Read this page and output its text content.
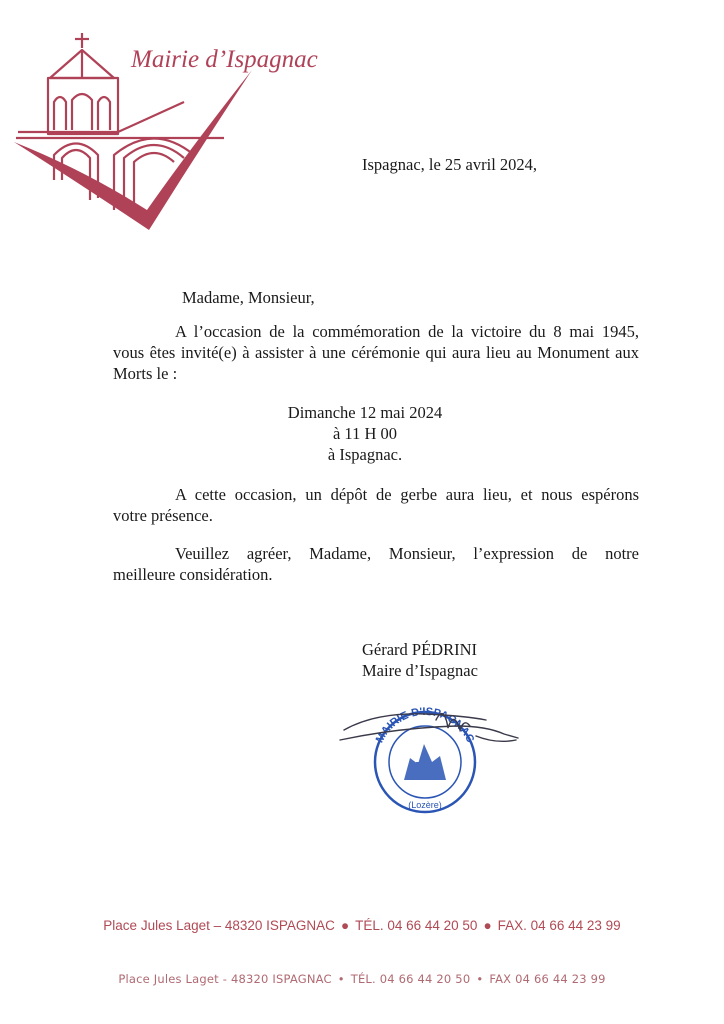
Mairie d’Ispagnac
Ispagnac, le 25 avril 2024,
Madame, Monsieur,
A l’occasion de la commémoration de la victoire du 8 mai 1945,
vous êtes invité(e) à assister à une cérémonie qui aura lieu au Monument aux
Morts le :
Dimanche 12 mai 2024
à 11 H 00
à Ispagnac.
A cette occasion, un dépôt de gerbe aura lieu, et nous espérons
votre présence.
Veuillez agréer, Madame, Monsieur, l’expression de notre
meilleure considération.
Gérard PÉDRINI
Maire d’Ispagnac
MAIRIE D'ISPAGNAC
(Lozère)
Place Jules Laget – 48320 ISPAGNAC ● TÉL. 04 66 44 20 50 ● FAX. 04 66 44 23 99
Place Jules Laget - 48320 ISPAGNAC • TÉL. 04 66 44 20 50 • FAX 04 66 44 23 99
